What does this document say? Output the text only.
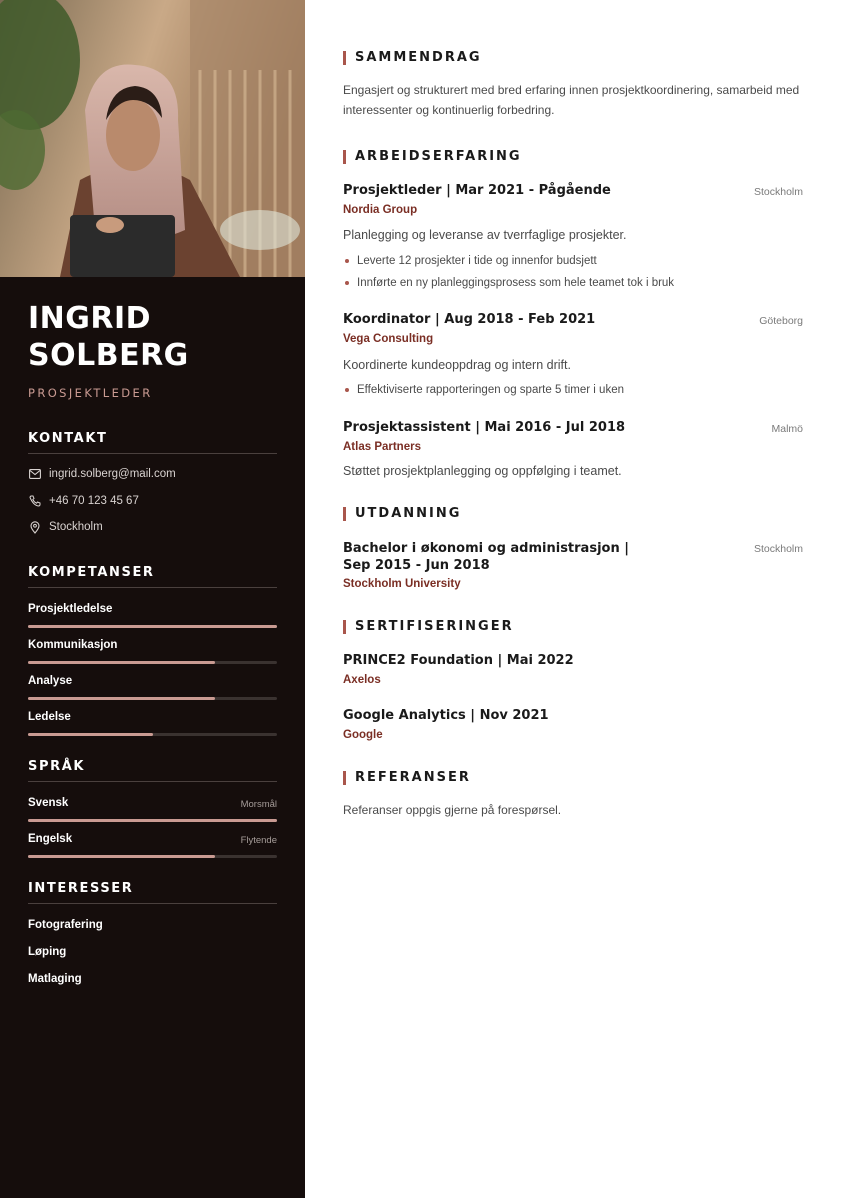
INGRID
SOLBERG
PROSJEKTLEDER
KONTAKT
ingrid.solberg@mail.com
+46 70 123 45 67
Stockholm
KOMPETANSER
Prosjektledelse
Kommunikasjon
Analyse
Ledelse
SPRÅK
Svensk	Morsmål
Engelsk	Flytende
INTERESSER
Fotografering
Løping
Matlaging
SAMMENDRAG
Engasjert og strukturert med bred erfaring innen prosjektkoordinering, samarbeid med interessenter og kontinuerlig forbedring.
ARBEIDSERFARING
Prosjektleder | Mar 2021 - Pågående	Stockholm
Nordia Group
Planlegging og leveranse av tverrfaglige prosjekter.
Leverte 12 prosjekter i tide og innenfor budsjett
Innførte en ny planleggingsprosess som hele teamet tok i bruk
Koordinator | Aug 2018 - Feb 2021	Göteborg
Vega Consulting
Koordinerte kundeoppdrag og intern drift.
Effektiviserte rapporteringen og sparte 5 timer i uken
Prosjektassistent | Mai 2016 - Jul 2018	Malmö
Atlas Partners
Støttet prosjektplanlegging og oppfølging i teamet.
UTDANNING
Bachelor i økonomi og administrasjon |
Sep 2015 - Jun 2018
Stockholm
Stockholm University
SERTIFISERINGER
PRINCE2 Foundation | Mai 2022
Axelos
Google Analytics | Nov 2021
Google
REFERANSER
Referanser oppgis gjerne på forespørsel.
